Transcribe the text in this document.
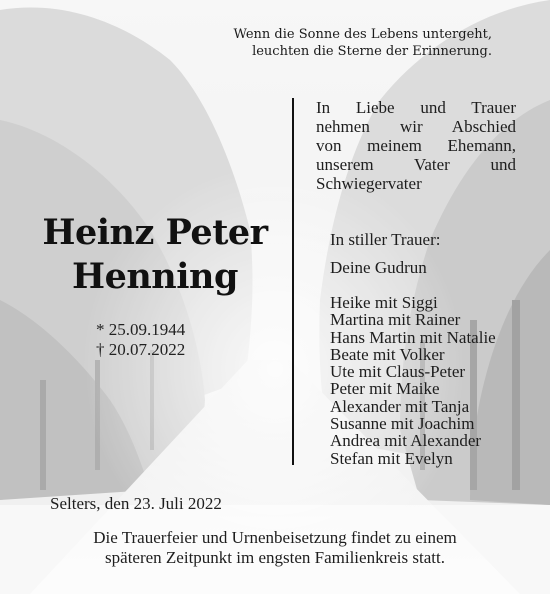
Wenn die Sonne des Lebens untergeht,
leuchten die Sterne der Erinnerung.
In Liebe und Trauer
nehmen wir Abschied
von meinem Ehemann,
unserem Vater und
Schwiegervater
Heinz Peter
Henning
* 25.09.1944
† 20.07.2022
In stiller Trauer:
Deine Gudrun
Heike mit Siggi
Martina mit Rainer
Hans Martin mit Natalie
Beate mit Volker
Ute mit Claus-Peter
Peter mit Maike
Alexander mit Tanja
Susanne mit Joachim
Andrea mit Alexander
Stefan mit Evelyn
Selters, den 23. Juli 2022
Die Trauerfeier und Urnenbeisetzung findet zu einem
späteren Zeitpunkt im engsten Familienkreis statt.
